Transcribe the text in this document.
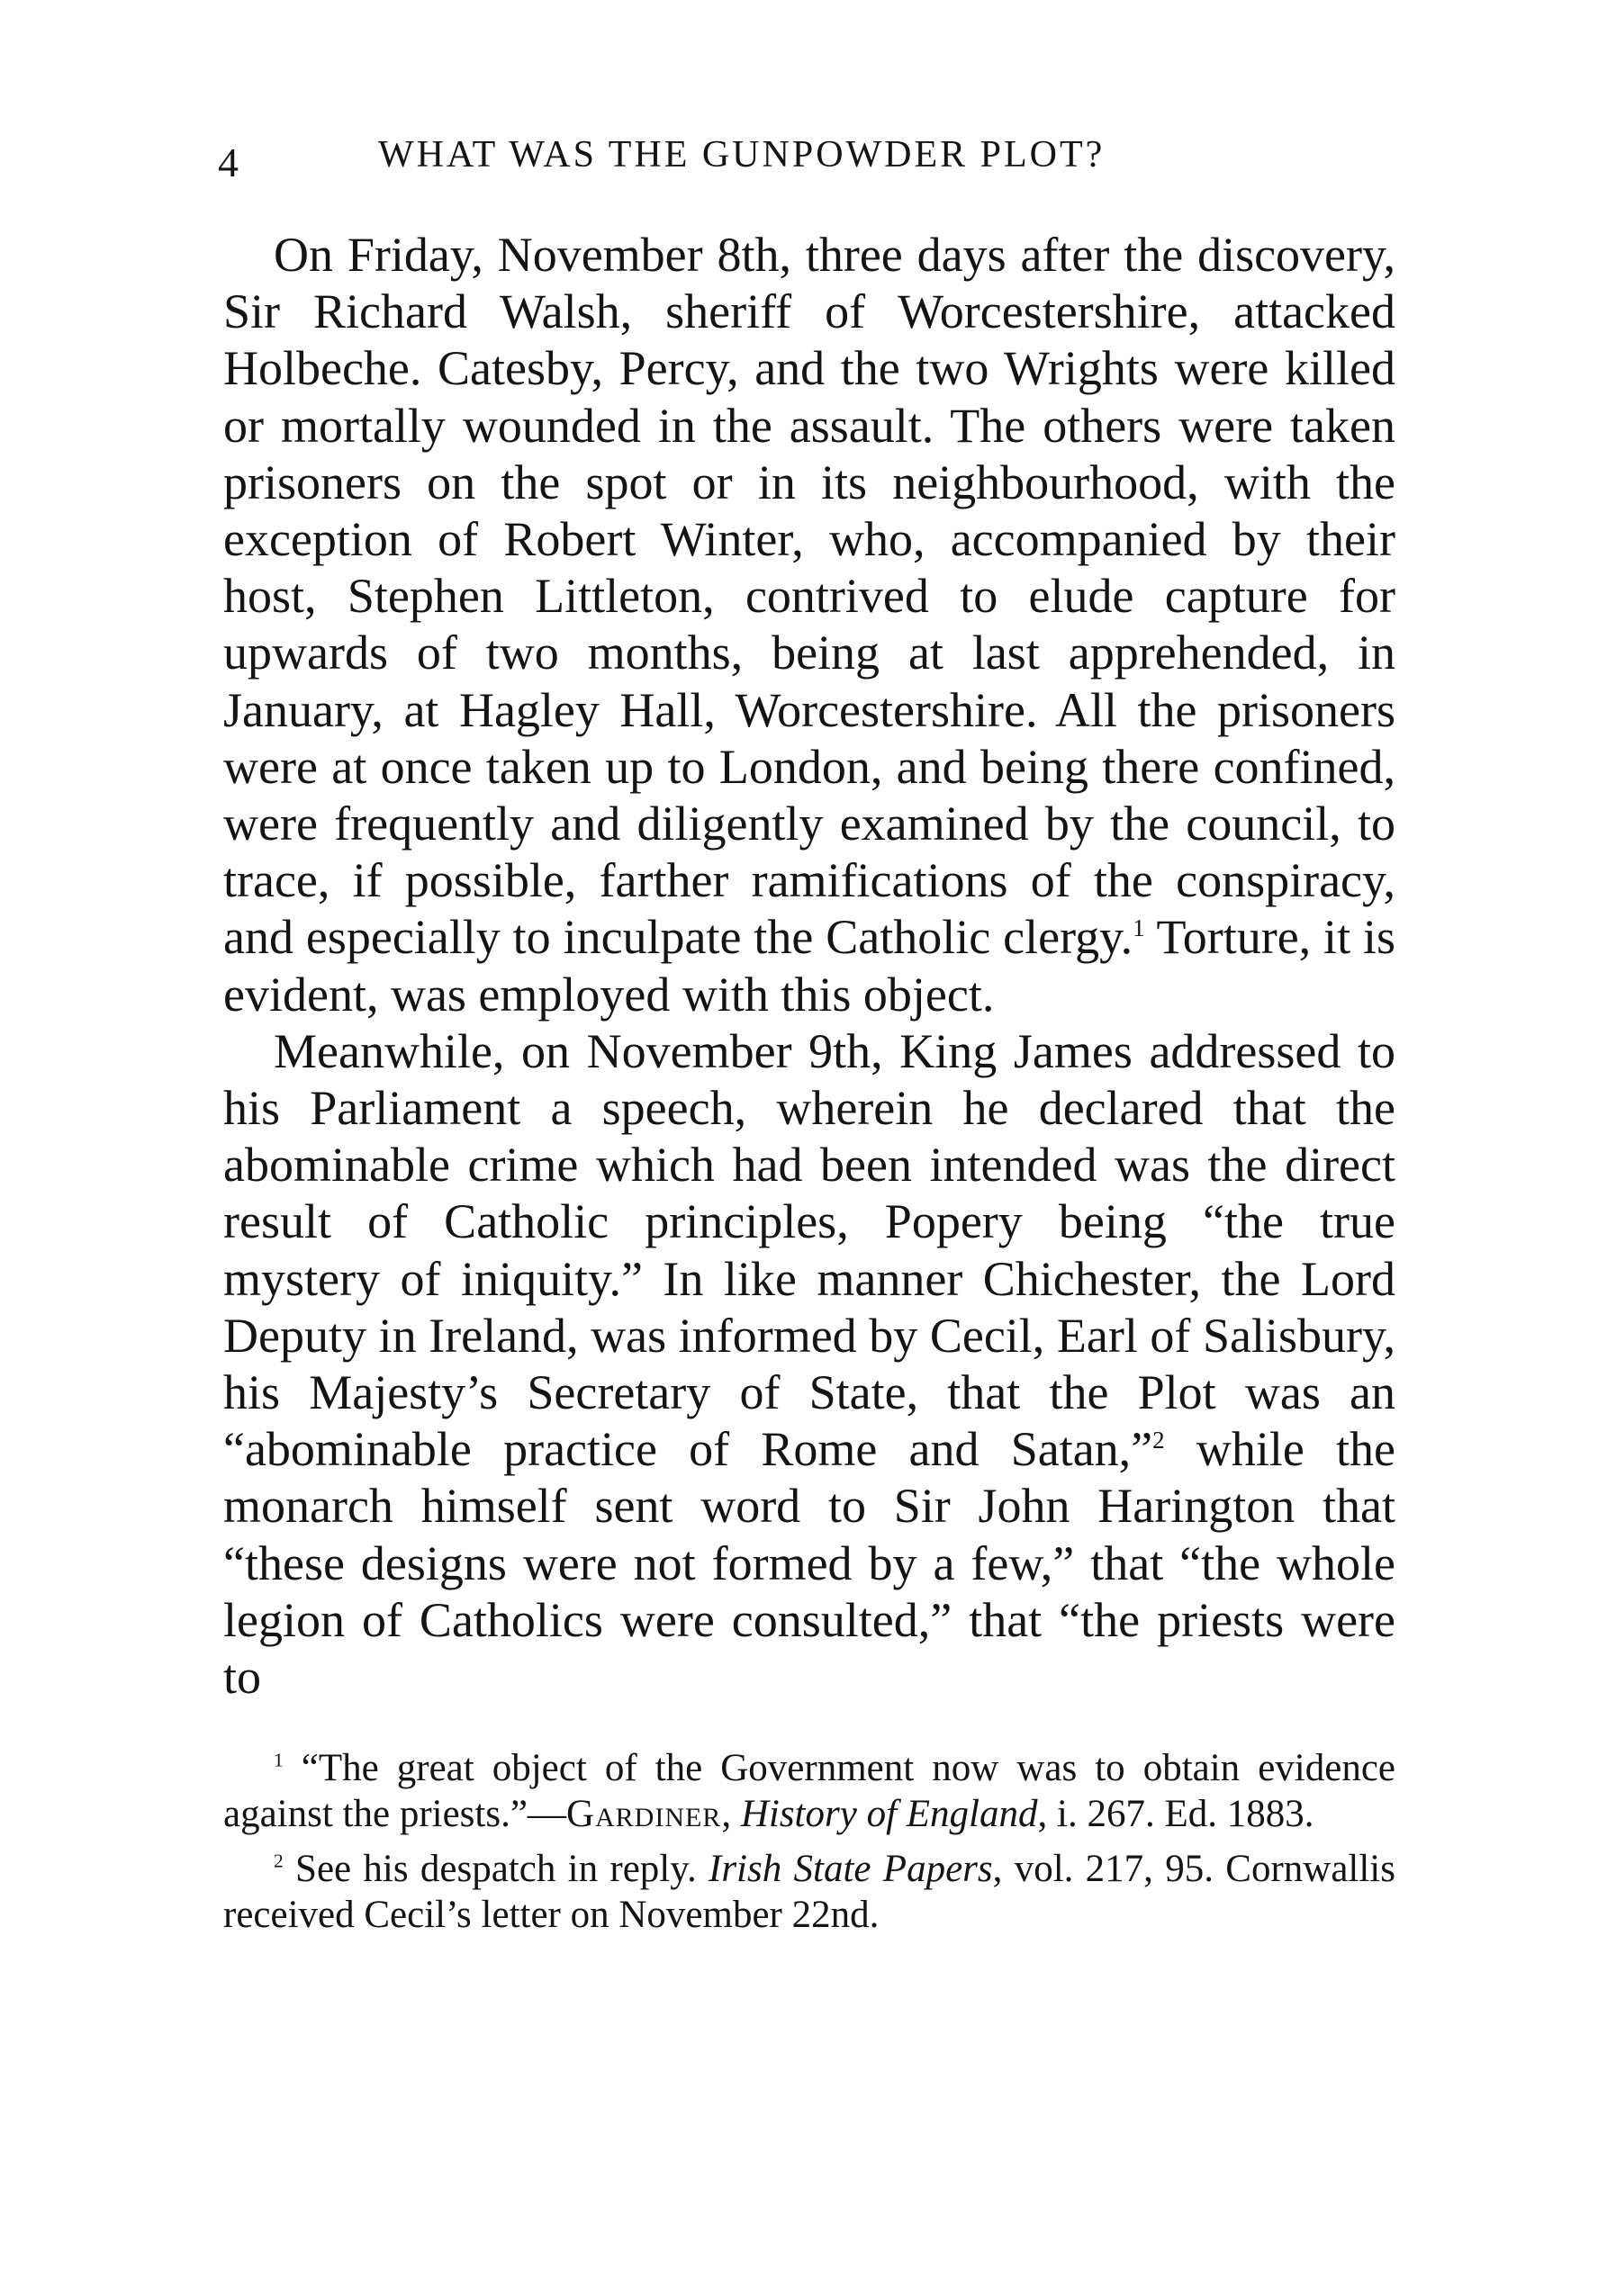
4	WHAT WAS THE GUNPOWDER PLOT?

On Friday, November 8th, three days after the discovery, Sir Richard Walsh, sheriff of Worcestershire, attacked Holbeche. Catesby, Percy, and the two Wrights were killed or mortally wounded in the assault. The others were taken prisoners on the spot or in its neighbourhood, with the exception of Robert Winter, who, accompanied by their host, Stephen Littleton, contrived to elude capture for upwards of two months, being at last apprehended, in January, at Hagley Hall, Worcestershire. All the prisoners were at once taken up to London, and being there confined, were frequently and diligently examined by the council, to trace, if possible, farther ramifications of the conspiracy, and especially to inculpate the Catholic clergy.$^1$ Torture, it is evident, was employed with this object.

Meanwhile, on November 9th, King James addressed to his Parliament a speech, wherein he declared that the abominable crime which had been intended was the direct result of Catholic principles, Popery being “the true mystery of iniquity.” In like manner Chichester, the Lord Deputy in Ireland, was informed by Cecil, Earl of Salisbury, his Majesty’s Secretary of State, that the Plot was an “abominable practice of Rome and Satan,”$^2$ while the monarch himself sent word to Sir John Harington that “these designs were not formed by a few,” that “the whole legion of Catholics were consulted,” that “the priests were to

$^1$ “The great object of the Government now was to obtain evidence against the priests.”—Gardiner, History of England, i. 267. Ed. 1883.

$^2$ See his despatch in reply. Irish State Papers, vol. 217, 95. Cornwallis received Cecil’s letter on November 22nd.
